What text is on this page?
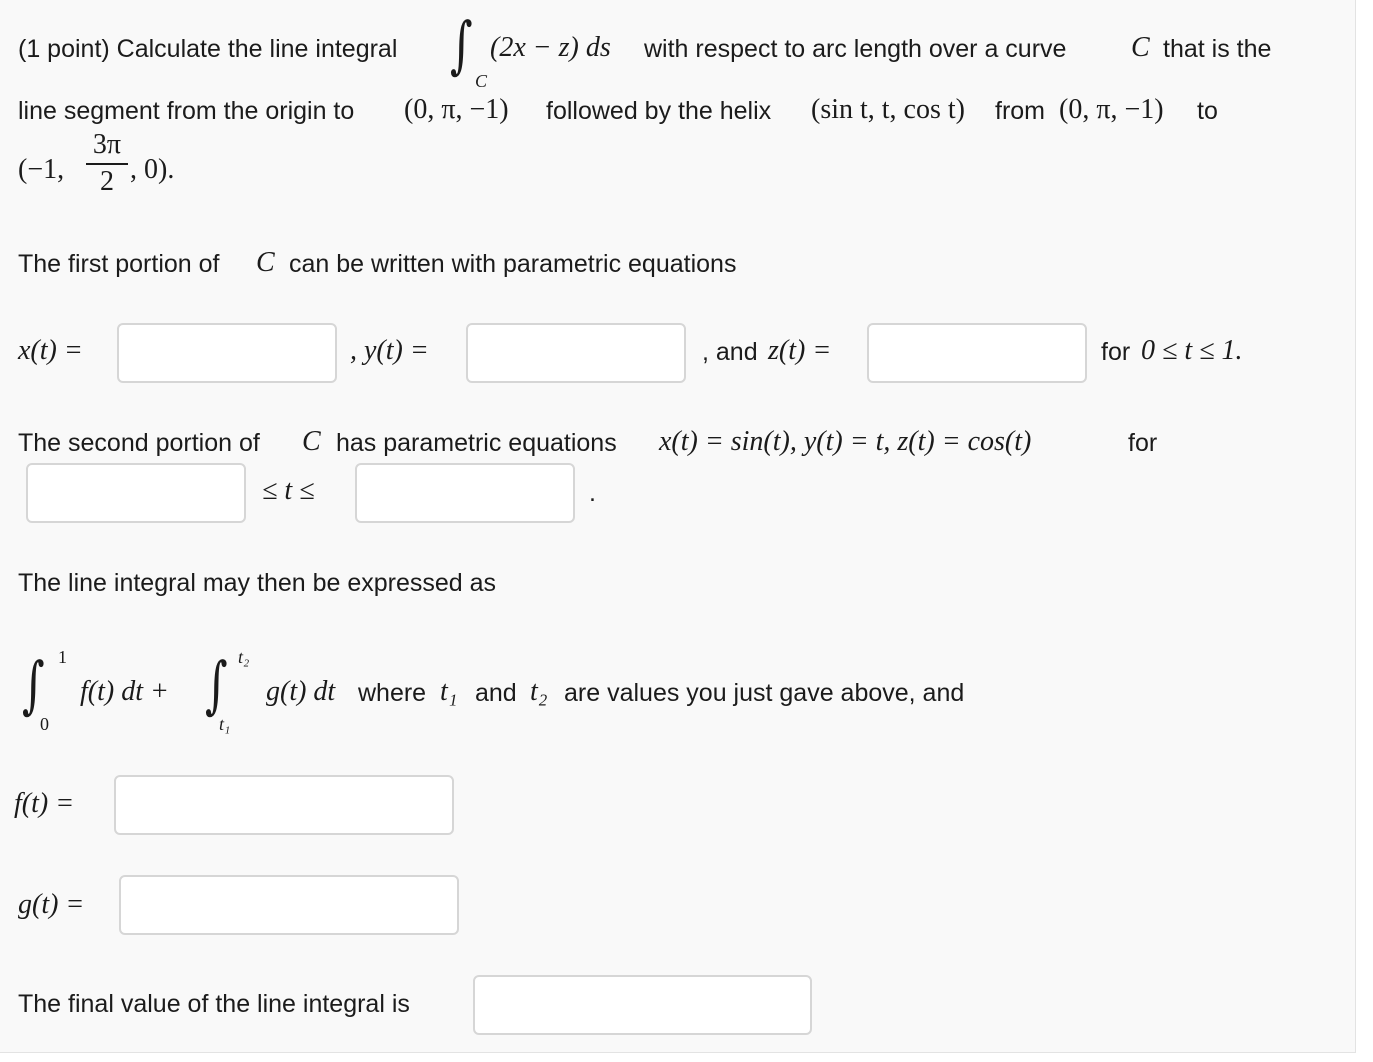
(1 point) Calculate the line integral ∫ C
(2x − z) ds with respect to arc length over a curve C that is the
line segment from the origin to (0, π, −1) followed by the helix (sin t, t, cos t) from (0, π, −1) to
(−1,
3π
2 , 0).
The first portion of C can be written with parametric equations
x(t) =	, y(t) =	, and z(t) =	for 0 ≤ t ≤ 1.
The second portion of C has parametric equations x(t) = sin(t), y(t) = t, z(t) = cos(t)	for
≤ t ≤	.
The line integral may then be expressed as
∫ 1
0
f(t) dt + ∫ t₂
t₁
g(t) dt where t₁ and t₂ are values you just gave above, and
f(t) =
g(t) =
The final value of the line integral is
